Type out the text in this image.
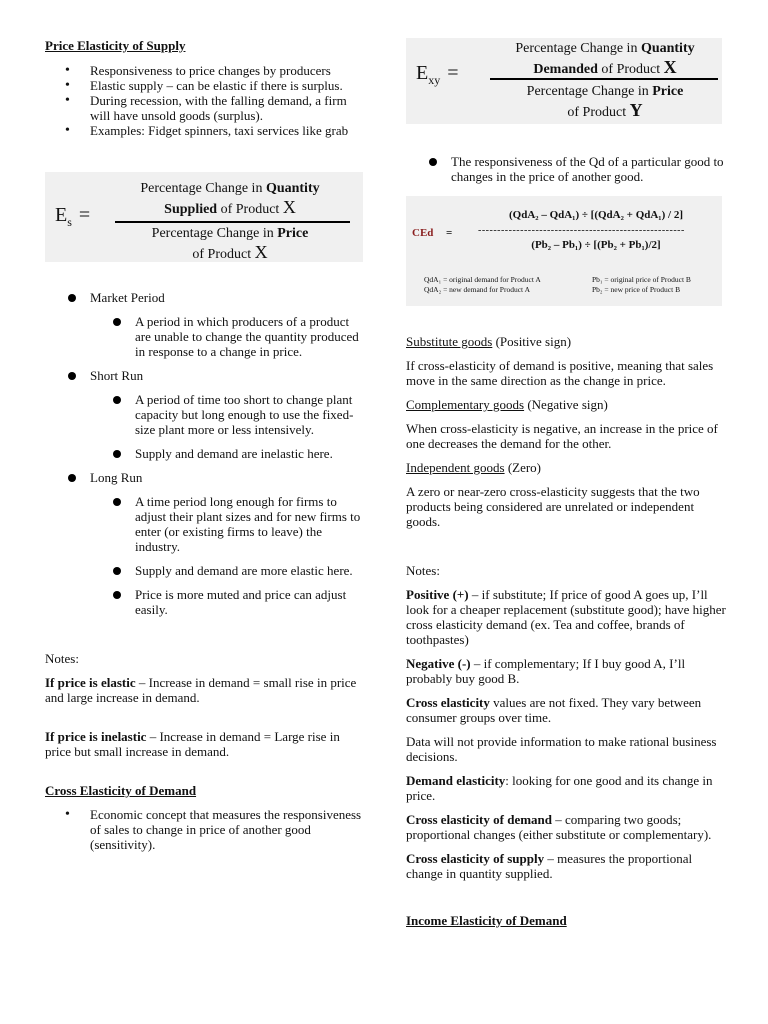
Price Elasticity of Supply

• Responsiveness to price changes by producers
• Elastic supply – can be elastic if there is surplus.
• During recession, with the falling demand, a firm will have unsold goods (surplus).
• Examples: Fidget spinners, taxi services like grab
$E_s$ =
Percentage Change in Quantity
Supplied of Product X
Percentage Change in Price
of Product X
Market Period
A period in which producers of a product are unable to change the quantity produced in response to a change in price.
Short Run
A period of time too short to change plant capacity but long enough to use the fixed-size plant more or less intensively.
Supply and demand are inelastic here.
Long Run
A time period long enough for firms to adjust their plant sizes and for new firms to enter (or existing firms to leave) the industry.
Supply and demand are more elastic here.
Price is more muted and price can adjust easily.

Notes:

If price is elastic – Increase in demand = small rise in price and large increase in demand.

If price is inelastic – Increase in demand = Large rise in price but small increase in demand.

Cross Elasticity of Demand

• Economic concept that measures the responsiveness of sales to change in price of another good (sensitivity).
$E_{xy}$ =
Percentage Change in Quantity
Demanded of Product X
Percentage Change in Price
of Product Y
The responsiveness of the Qd of a particular good to changes in the price of another good.
CEd =
(QdA₂ – QdA₁) ÷ [(QdA₂ + QdA₁) / 2]
------------------------------------------------------
(Pb₂ – Pb₁) ÷ [(Pb₂ + Pb₁)/2]
QdA₁ = original demand for Product A
QdA₂ = new demand for Product A
Pb₁ = original price of Product B
Pb₂ = new price of Product B

Substitute goods (Positive sign)

If cross-elasticity of demand is positive, meaning that sales move in the same direction as the change in price.

Complementary goods (Negative sign)

When cross-elasticity is negative, an increase in the price of one decreases the demand for the other.

Independent goods (Zero)

A zero or near-zero cross-elasticity suggests that the two products being considered are unrelated or independent goods.

Notes:

Positive (+) – if substitute; If price of good A goes up, I’ll look for a cheaper replacement (substitute good); have higher cross elasticity demand (ex. Tea and coffee, brands of toothpastes)

Negative (-) – if complementary; If I buy good A, I’ll probably buy good B.

Cross elasticity values are not fixed. They vary between consumer groups over time.

Data will not provide information to make rational business decisions.

Demand elasticity: looking for one good and its change in price.

Cross elasticity of demand – comparing two goods; proportional changes (either substitute or complementary).

Cross elasticity of supply – measures the proportional change in quantity supplied.

Income Elasticity of Demand
